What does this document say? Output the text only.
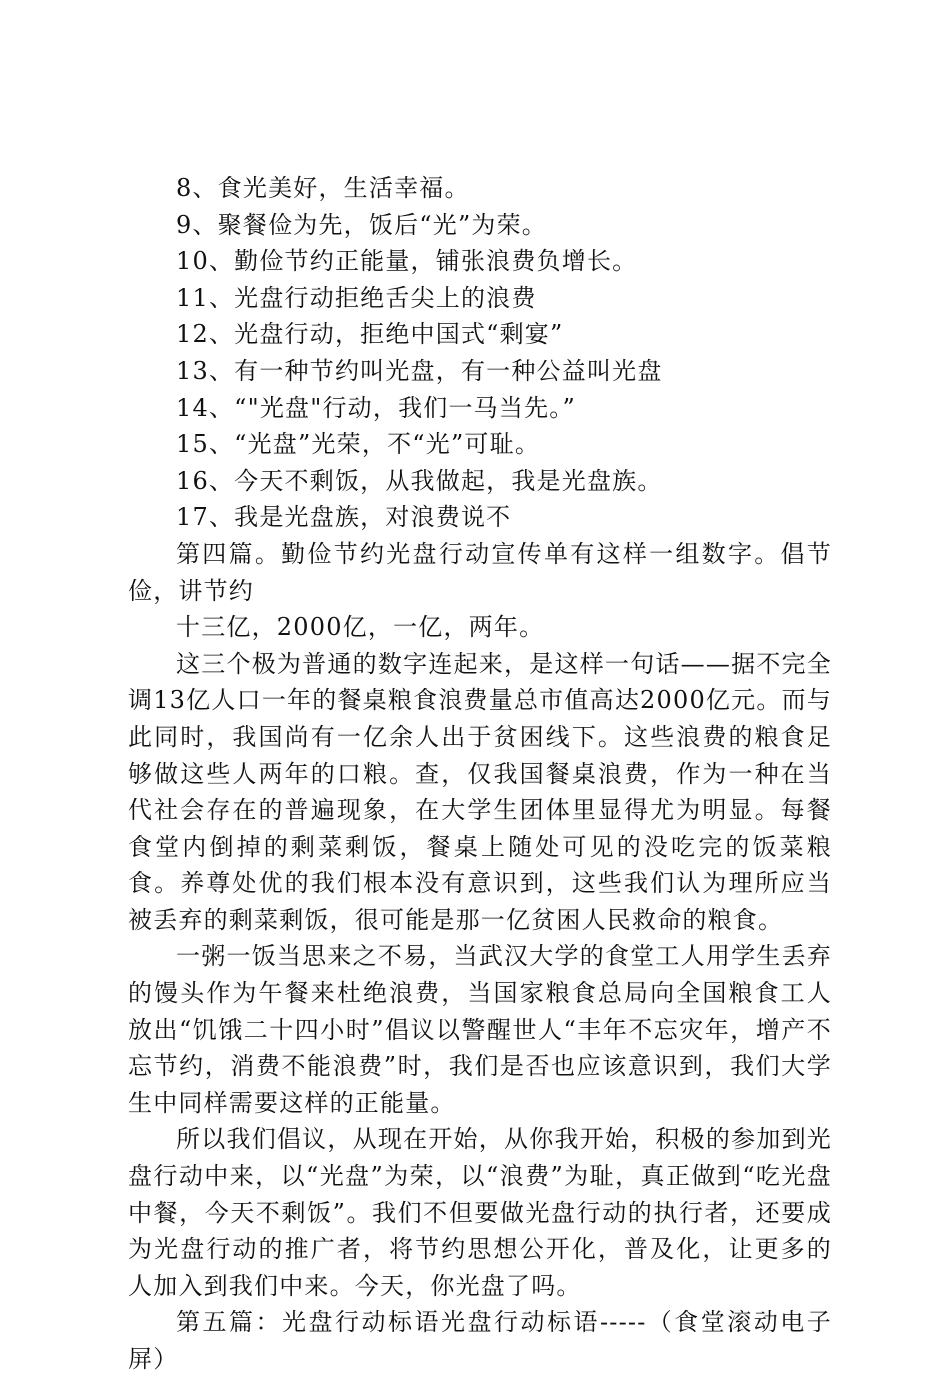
8、食光美好，生活幸福。

9、聚餐俭为先，饭后“光”为荣。

10、勤俭节约正能量，铺张浪费负增长。

11、光盘行动拒绝舌尖上的浪费

12、光盘行动，拒绝中国式“剩宴”

13、有一种节约叫光盘，有一种公益叫光盘

14、“"光盘"行动，我们一马当先。”

15、“光盘”光荣，不“光”可耻。

16、今天不剩饭，从我做起，我是光盘族。

17、我是光盘族，对浪费说不

第四篇。勤俭节约光盘行动宣传单有这样一组数字。倡节俭，讲节约

十三亿，2000亿，一亿，两年。

这三个极为普通的数字连起来，是这样一句话——据不完全调13亿人口一年的餐桌粮食浪费量总市值高达2000亿元。而与此同时，我国尚有一亿余人出于贫困线下。这些浪费的粮食足够做这些人两年的口粮。查，仅我国餐桌浪费，作为一种在当代社会存在的普遍现象，在大学生团体里显得尤为明显。每餐食堂内倒掉的剩菜剩饭，餐桌上随处可见的没吃完的饭菜粮食。养尊处优的我们根本没有意识到，这些我们认为理所应当被丢弃的剩菜剩饭，很可能是那一亿贫困人民救命的粮食。

一粥一饭当思来之不易，当武汉大学的食堂工人用学生丢弃的馒头作为午餐来杜绝浪费，当国家粮食总局向全国粮食工人放出“饥饿二十四小时”倡议以警醒世人“丰年不忘灾年，增产不忘节约，消费不能浪费”时，我们是否也应该意识到，我们大学生中同样需要这样的正能量。

所以我们倡议，从现在开始，从你我开始，积极的参加到光盘行动中来，以“光盘”为荣，以“浪费”为耻，真正做到“吃光盘中餐，今天不剩饭”。我们不但要做光盘行动的执行者，还要成为光盘行动的推广者，将节约思想公开化，普及化，让更多的人加入到我们中来。今天，你光盘了吗。

第五篇：光盘行动标语光盘行动标语-----（食堂滚动电子屏）
